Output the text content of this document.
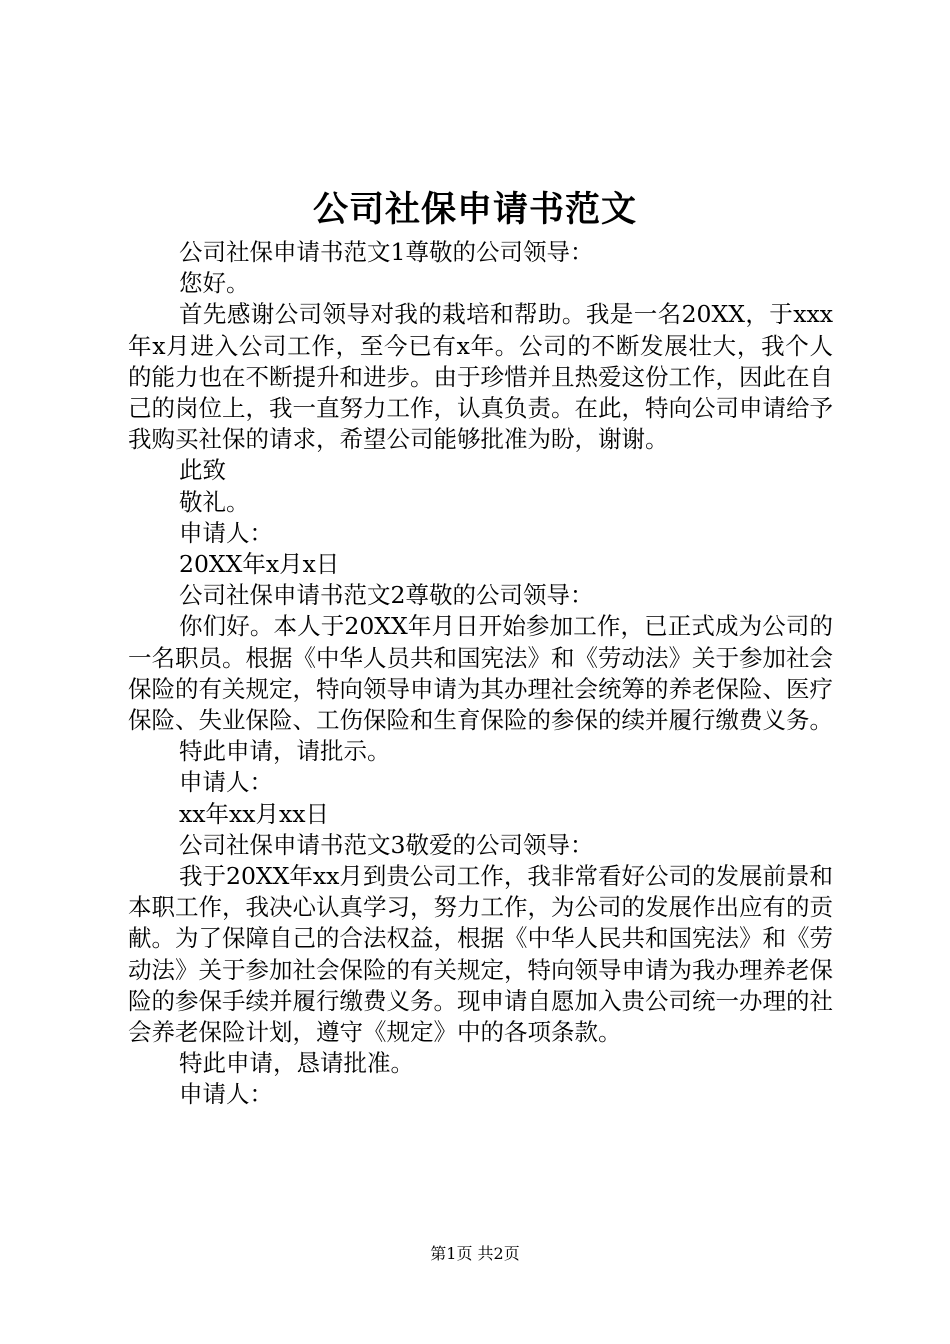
公司社保申请书范文

公司社保申请书范文1尊敬的公司领导：

您好。

首先感谢公司领导对我的栽培和帮助。我是一名20XX，于xxx年x月进入公司工作，至今已有x年。公司的不断发展壮大，我个人的能力也在不断提升和进步。由于珍惜并且热爱这份工作，因此在自己的岗位上，我一直努力工作，认真负责。在此，特向公司申请给予我购买社保的请求，希望公司能够批准为盼，谢谢。

此致

敬礼。

申请人：

20XX年x月x日

公司社保申请书范文2尊敬的公司领导：

你们好。本人于20XX年月日开始参加工作，已正式成为公司的一名职员。根据《中华人员共和国宪法》和《劳动法》关于参加社会保险的有关规定，特向领导申请为其办理社会统筹的养老保险、医疗保险、失业保险、工伤保险和生育保险的参保的续并履行缴费义务。

特此申请，请批示。

申请人：

xx年xx月xx日

公司社保申请书范文3敬爱的公司领导：

我于20XX年xx月到贵公司工作，我非常看好公司的发展前景和本职工作，我决心认真学习，努力工作，为公司的发展作出应有的贡献。为了保障自己的合法权益，根据《中华人民共和国宪法》和《劳动法》关于参加社会保险的有关规定，特向领导申请为我办理养老保险的参保手续并履行缴费义务。现申请自愿加入贵公司统一办理的社会养老保险计划，遵守《规定》中的各项条款。

特此申请，恳请批准。

申请人：

第1页 共2页
